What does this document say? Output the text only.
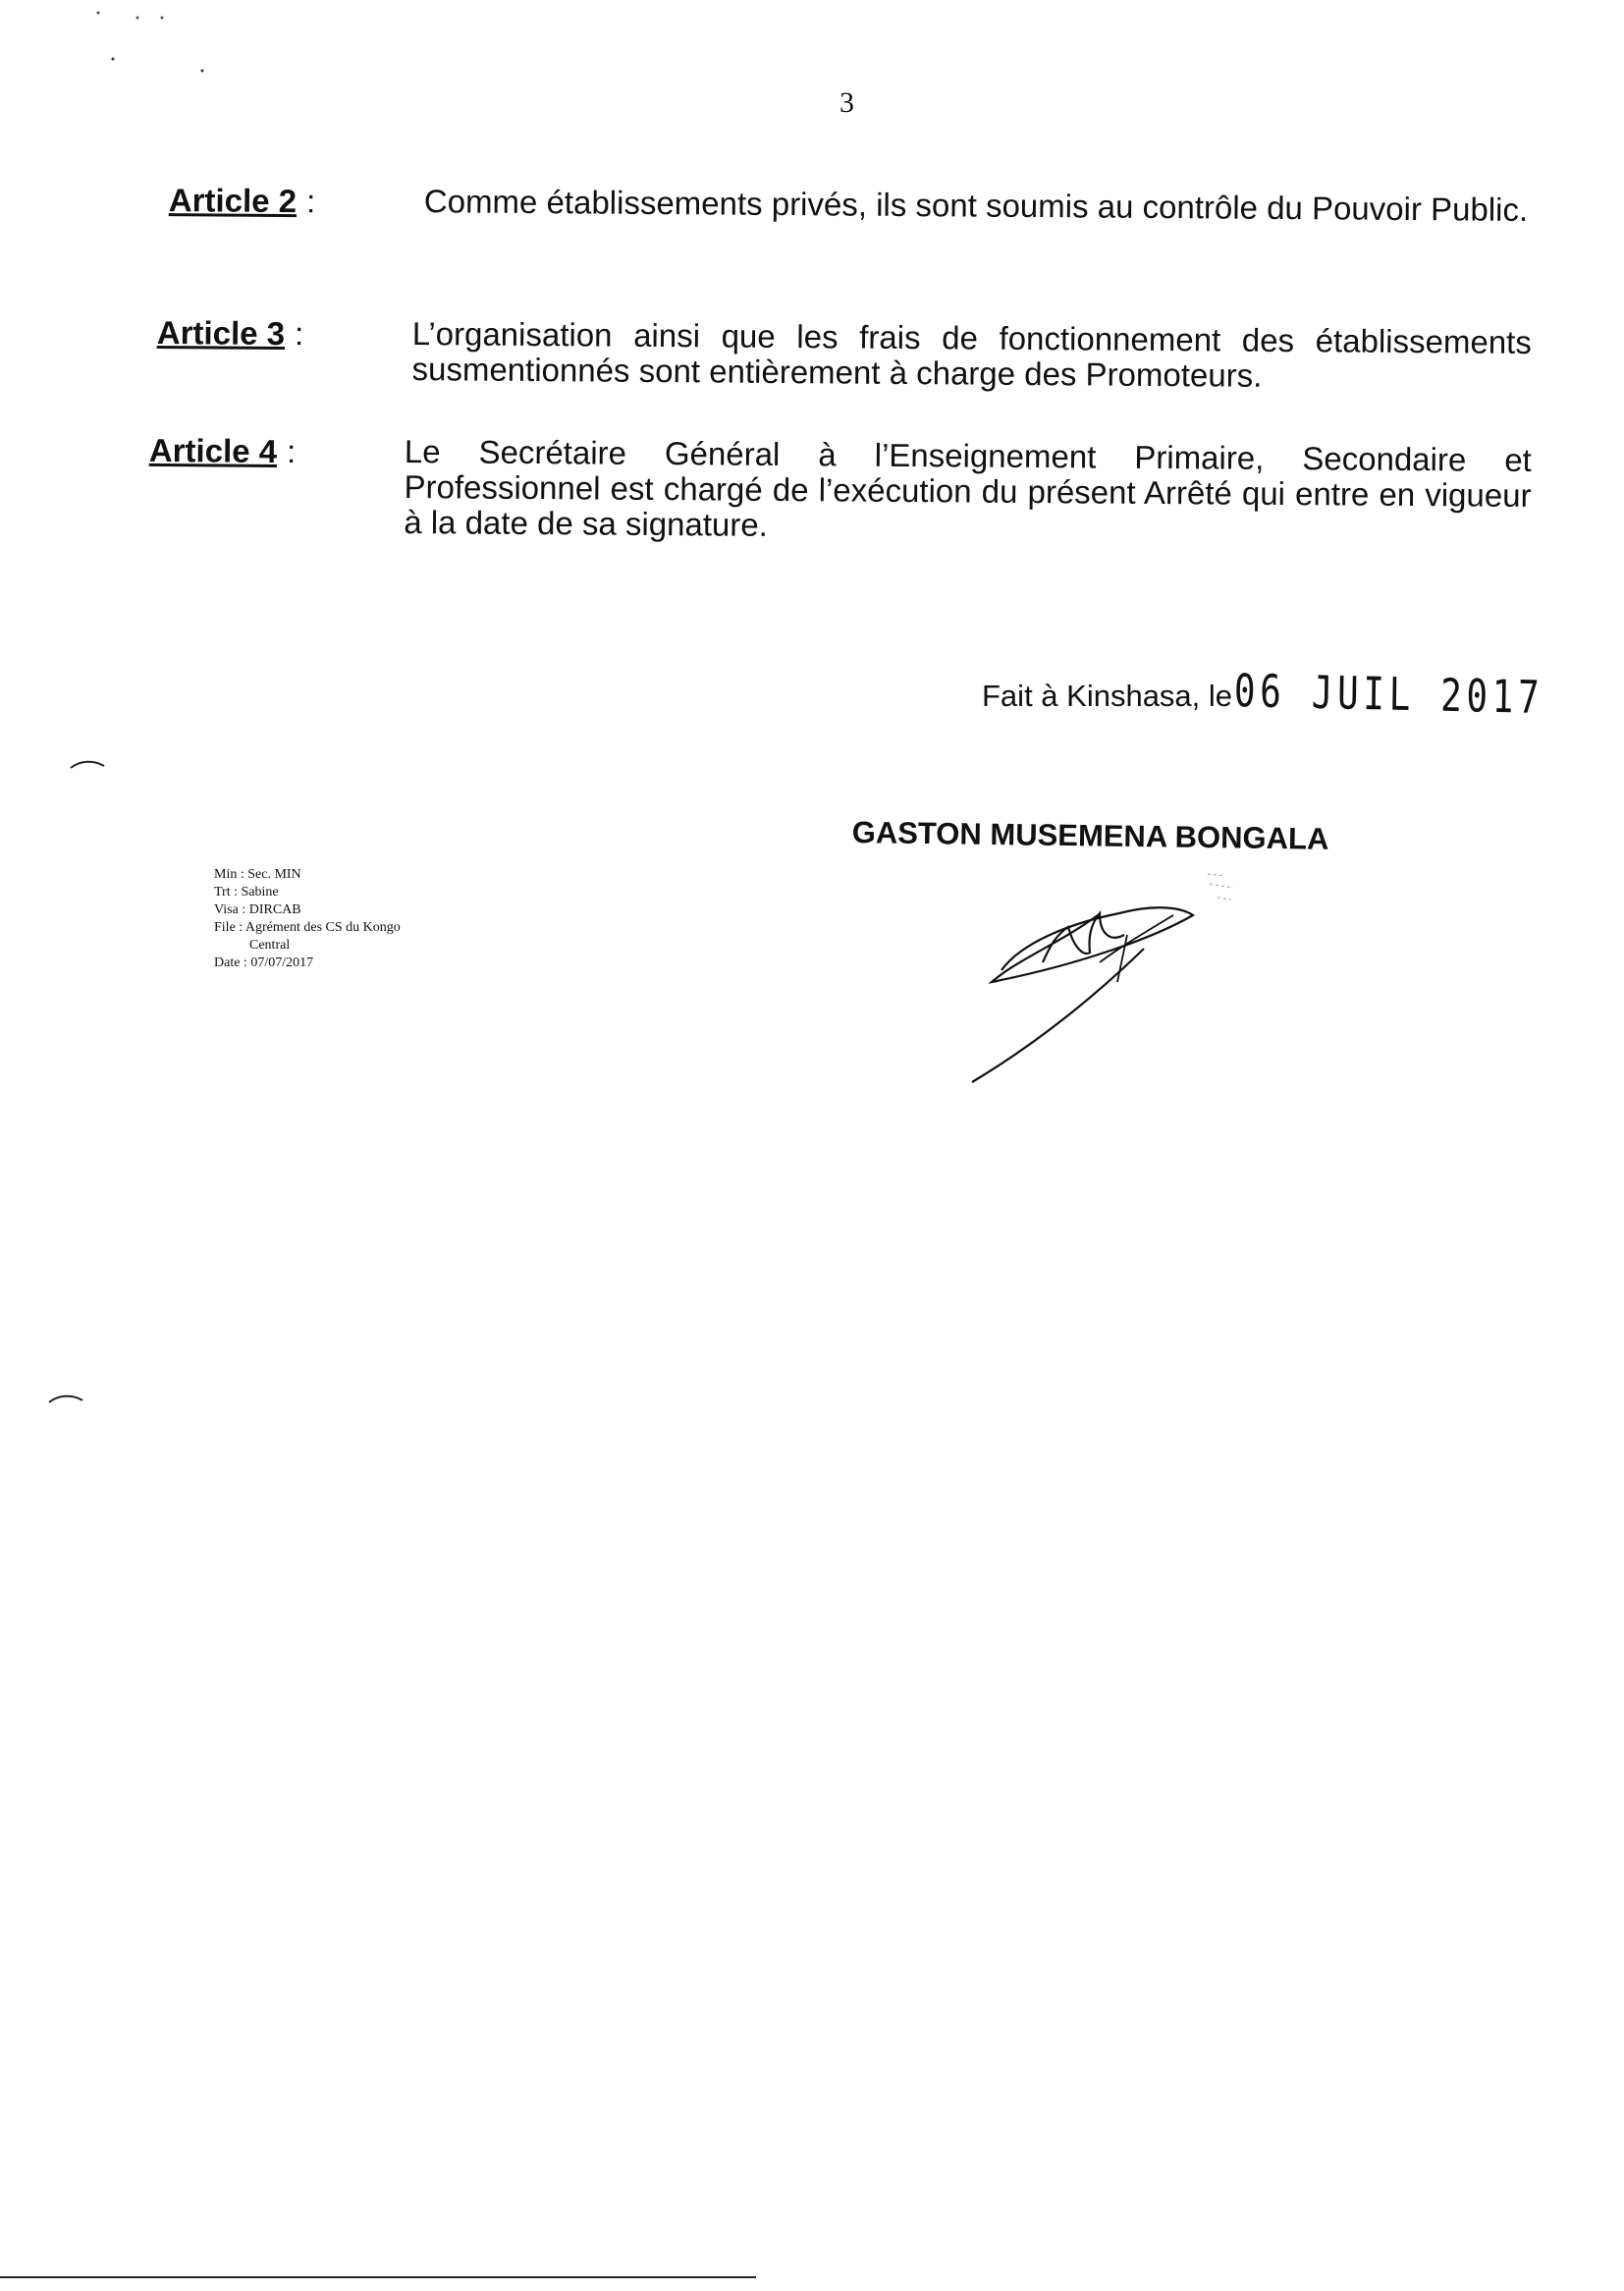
3
Article 2 :	Comme établissements privés, ils sont soumis au contrôle du Pouvoir Public.
Article 3 :	L’organisation ainsi que les frais de fonctionnement des établissements susmentionnés sont entièrement à charge des Promoteurs.
Article 4 :	Le Secrétaire Général à l’Enseignement Primaire, Secondaire et Professionnel est chargé de l’exécution du présent Arrêté qui entre en vigueur à la date de sa signature.
Fait à Kinshasa, le06 JUIL 2017
GASTON MUSEMENA BONGALA
Min : Sec. MIN
Trt : Sabine
Visa : DIRCAB
File : Agrément des CS du Kongo
Central
Date : 07/07/2017
